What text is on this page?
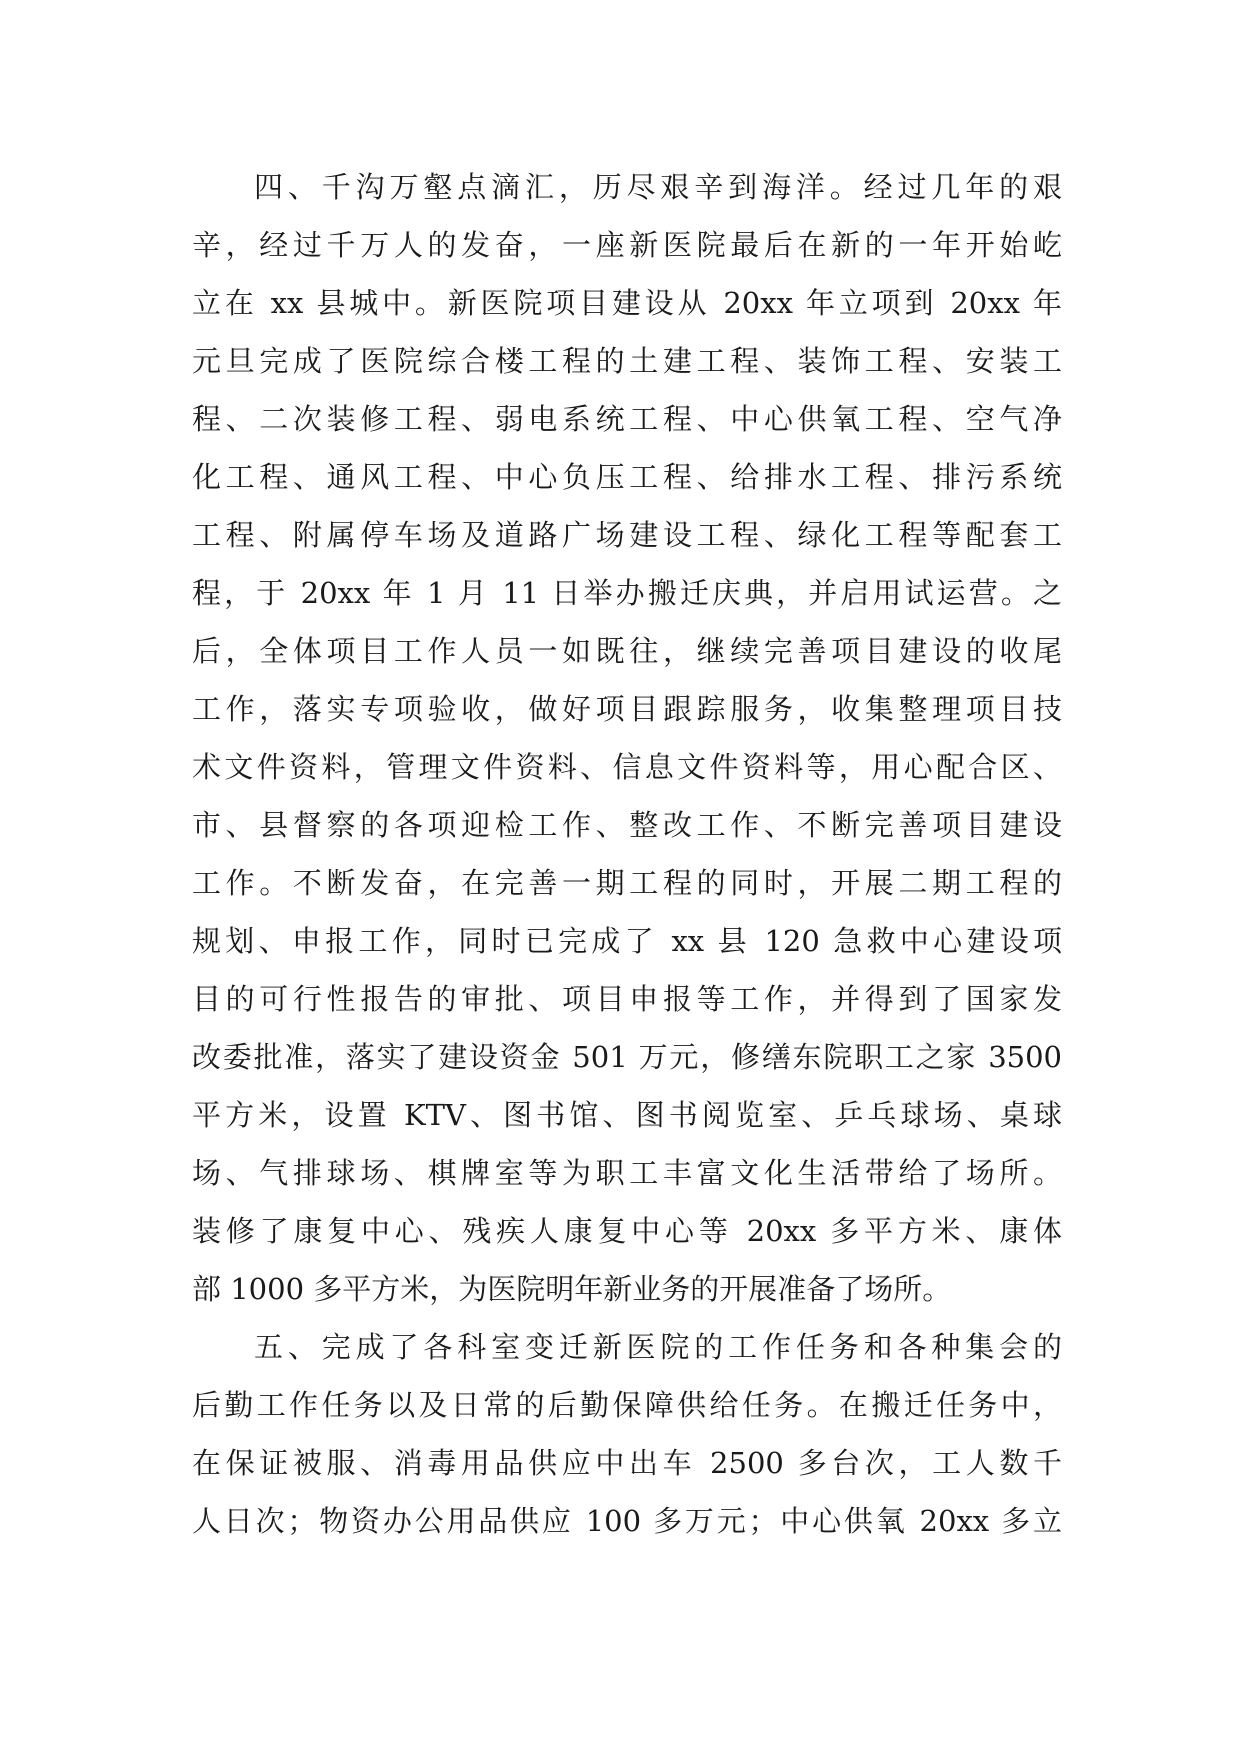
四、千沟万壑点滴汇，历尽艰辛到海洋。经过几年的艰
辛，经过千万人的发奋，一座新医院最后在新的一年开始屹
立在 xx 县城中。新医院项目建设从 20xx 年立项到 20xx 年
元旦完成了医院综合楼工程的土建工程、装饰工程、安装工
程、二次装修工程、弱电系统工程、中心供氧工程、空气净
化工程、通风工程、中心负压工程、给排水工程、排污系统
工程、附属停车场及道路广场建设工程、绿化工程等配套工
程，于 20xx 年 1 月 11 日举办搬迁庆典，并启用试运营。之
后，全体项目工作人员一如既往，继续完善项目建设的收尾
工作，落实专项验收，做好项目跟踪服务，收集整理项目技
术文件资料，管理文件资料、信息文件资料等，用心配合区、
市、县督察的各项迎检工作、整改工作、不断完善项目建设
工作。不断发奋，在完善一期工程的同时，开展二期工程的
规划、申报工作，同时已完成了 xx 县 120 急救中心建设项
目的可行性报告的审批、项目申报等工作，并得到了国家发
改委批准，落实了建设资金 501 万元，修缮东院职工之家 3500
平方米，设置 KTV、图书馆、图书阅览室、乒乓球场、桌球
场、气排球场、棋牌室等为职工丰富文化生活带给了场所。
装修了康复中心、残疾人康复中心等 20xx 多平方米、康体
部 1000 多平方米，为医院明年新业务的开展准备了场所。
五、完成了各科室变迁新医院的工作任务和各种集会的
后勤工作任务以及日常的后勤保障供给任务。在搬迁任务中，
在保证被服、消毒用品供应中出车 2500 多台次，工人数千
人日次；物资办公用品供应 100 多万元；中心供氧 20xx 多立
